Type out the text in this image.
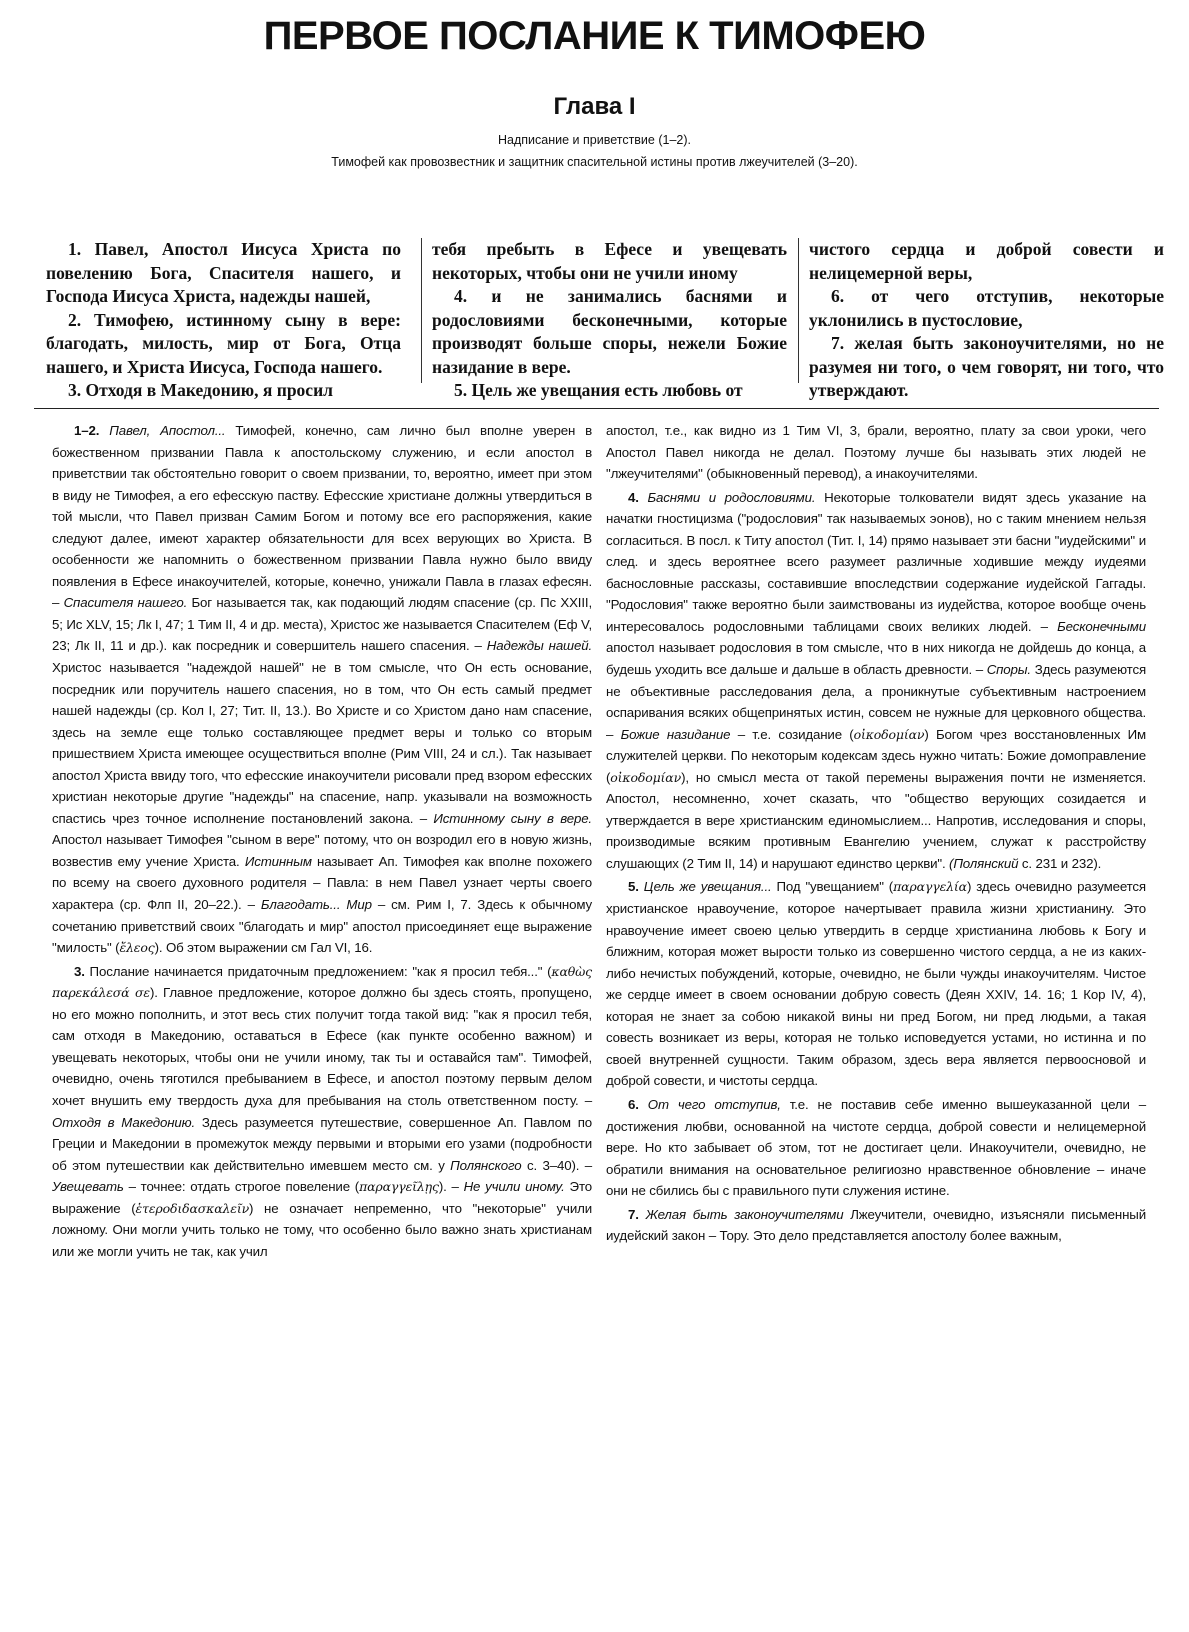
ПЕРВОЕ ПОСЛАНИЕ К ТИМОФЕЮ
Глава I
Надписание и приветствие (1–2).
Тимофей как провозвестник и защитник спасительной истины против лжеучителей (3–20).

1. Павел, Апостол Иисуса Христа по повелению Бога, Спасителя нашего, и Господа Иисуса Христа, надежды нашей,

2. Тимофею, истинному сыну в вере: благодать, милость, мир от Бога, Отца нашего, и Христа Иисуса, Господа нашего.

3. Отходя в Македонию, я просил

тебя пребыть в Ефесе и увещевать некоторых, чтобы они не учили иному

4. и не занимались баснями и родословиями бесконечными, которые производят больше споры, нежели Божие назидание в вере.

5. Цель же увещания есть любовь от

чистого сердца и доброй совести и нелицемерной веры,

6. от чего отступив, некоторые уклонились в пустословие,

7. желая быть законоучителями, но не разумея ни того, о чем говорят, ни того, что утверждают.

1–2. Павел, Апостол... Тимофей, конечно, сам лично был вполне уверен в божественном призвании Павла к апостольскому служению, и если апостол в приветствии так обстоятельно говорит о своем призвании, то, вероятно, имеет при этом в виду не Тимофея, а его ефесскую паству. Ефесские христиане должны утвердиться в той мысли, что Павел призван Самим Богом и потому все его распоряжения, какие следуют далее, имеют характер обязательности для всех верующих во Христа. В особенности же напомнить о божественном призвании Павла нужно было ввиду появления в Ефесе инакоучителей, которые, конечно, унижали Павла в глазах ефесян. – Спасителя нашего. Бог называется так, как подающий людям спасение (ср. Пс XXIII, 5; Ис XLV, 15; Лк I, 47; 1 Тим II, 4 и др. места), Христос же называется Спасителем (Еф V, 23; Лк II, 11 и др.). как посредник и совершитель нашего спасения. – Надежды нашей. Христос называется "надеждой нашей" не в том смысле, что Он есть основание, посредник или поручитель нашего спасения, но в том, что Он есть самый предмет нашей надежды (ср. Кол I, 27; Тит. II, 13.). Во Христе и со Христом дано нам спасение, здесь на земле еще только составляющее предмет веры и только со вторым пришествием Христа имеющее осуществиться вполне (Рим VIII, 24 и сл.). Так называет апостол Христа ввиду того, что ефесские инакоучители рисовали пред взором ефесских христиан некоторые другие "надежды" на спасение, напр. указывали на возможность спастись чрез точное исполнение постановлений закона. – Истинному сыну в вере. Апостол называет Тимофея "сыном в вере" потому, что он возродил его в новую жизнь, возвестив ему учение Христа. Истинным называет Ап. Тимофея как вполне похожего по всему на своего духовного родителя – Павла: в нем Павел узнает черты своего характера (ср. Флп II, 20–22.). – Благодать... Мир – см. Рим I, 7. Здесь к обычному сочетанию приветствий своих "благодать и мир" апостол присоединяет еще выражение "милость" (ἔλεος). Об этом выражении см Гал VI, 16.

3. Послание начинается придаточным предложением: "как я просил тебя..." (καθὼς παρεκάλεσά σε). Главное предложение, которое должно бы здесь стоять, пропущено, но его можно пополнить, и этот весь стих получит тогда такой вид: "как я просил тебя, сам отходя в Македонию, оставаться в Ефесе (как пункте особенно важном) и увещевать некоторых, чтобы они не учили иному, так ты и оставайся там". Тимофей, очевидно, очень тяготился пребыванием в Ефесе, и апостол поэтому первым делом хочет внушить ему твердость духа для пребывания на столь ответственном посту. – Отходя в Македонию. Здесь разумеется путешествие, совершенное Ап. Павлом по Греции и Македонии в промежуток между первыми и вторыми его узами (подробности об этом путешествии как действительно имевшем место см. у Полянского с. 3–40). – Увещевать – точнее: отдать строгое повеление (παραγγεῖλῃς). – Не учили иному. Это выражение (ἑτεροδιδασκαλεῖν) не означает непременно, что "некоторые" учили ложному. Они могли учить только не тому, что особенно было важно знать христианам или же могли учить не так, как учил

апостол, т.е., как видно из 1 Тим VI, 3, брали, вероятно, плату за свои уроки, чего Апостол Павел никогда не делал. Поэтому лучше бы называть этих людей не "лжеучителями" (обыкновенный перевод), а инакоучителями.

4. Баснями и родословиями. Некоторые толкователи видят здесь указание на начатки гностицизма ("родословия" так называемых эонов), но с таким мнением нельзя согласиться. В посл. к Титу апостол (Тит. I, 14) прямо называет эти басни "иудейскими" и след. и здесь вероятнее всего разумеет различные ходившие между иудеями баснословные рассказы, составившие впоследствии содержание иудейской Гаггады. "Родословия" также вероятно были заимствованы из иудейства, которое вообще очень интересовалось родословными таблицами своих великих людей. – Бесконечными апостол называет родословия в том смысле, что в них никогда не дойдешь до конца, а будешь уходить все дальше и дальше в область древности. – Споры. Здесь разумеются не объективные расследования дела, а проникнутые субъективным настроением оспаривания всяких общепринятых истин, совсем не нужные для церковного общества. – Божие назидание – т.е. созидание (οἰκοδομίαν) Богом чрез восстановленных Им служителей церкви. По некоторым кодексам здесь нужно читать: Божие домоправление (οἰκοδομίαν), но смысл места от такой перемены выражения почти не изменяется. Апостол, несомненно, хочет сказать, что "общество верующих созидается и утверждается в вере христианским единомыслием... Напротив, исследования и споры, производимые всяким противным Евангелию учением, служат к расстройству слушающих (2 Тим II, 14) и нарушают единство церкви". (Полянский с. 231 и 232).

5. Цель же увещания... Под "увещанием" (παραγγελία) здесь очевидно разумеется христианское нравоучение, которое начертывает правила жизни христианину. Это нравоучение имеет своею целью утвердить в сердце христианина любовь к Богу и ближним, которая может вырости только из совершенно чистого сердца, а не из каких-либо нечистых побуждений, которые, очевидно, не были чужды инакоучителям. Чистое же сердце имеет в своем основании добрую совесть (Деян XXIV, 14. 16; 1 Кор IV, 4), которая не знает за собою никакой вины ни пред Богом, ни пред людьми, а такая совесть возникает из веры, которая не только исповедуется устами, но истинна и по своей внутренней сущности. Таким образом, здесь вера является первоосновой и доброй совести, и чистоты сердца.

6. От чего отступив, т.е. не поставив себе именно вышеуказанной цели – достижения любви, основанной на чистоте сердца, доброй совести и нелицемерной вере. Но кто забывает об этом, тот не достигает цели. Инакоучители, очевидно, не обратили внимания на основательное религиозно нравственное обновление – иначе они не сбились бы с правильного пути служения истине.

7. Желая быть законоучителями Лжеучители, очевидно, изъясняли письменный иудейский закон – Тору. Это дело представляется апостолу более важным,
